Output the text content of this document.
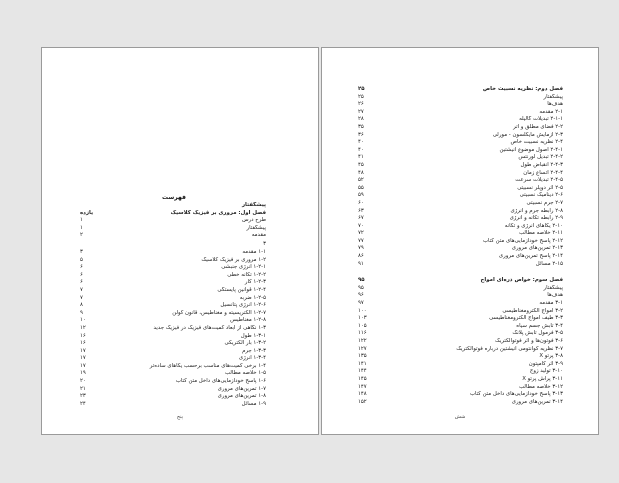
فهرست
پیشگفتار
فصل اول: مروری بر فیزیک کلاسیک
یازده
طرح درس
۱
پیشگفتار
۱
مقدمه
۲
۳
۱-۱ مقدمه
۳
۱-۲ مروری بر فیزیک کلاسیک
۵
۱-۲-۱ انرژی جنبشی
۶
۱-۲-۲ تکانه خطی
۶
۱-۲-۳ کار
۶
۱-۲-۴ قوانین پایستگی
۷
۱-۲-۵ ضربه
۷
۱-۲-۶ انرژی پتانسیل
۸
۱-۲-۷ الکتریسیته و مغناطیس، قانون کولن
۹
۱-۲-۸ مغناطیس
۱۰
۱-۳ نگاهی از ابعاد کمیت‌های فیزیک در فیزیک جدید
۱۲
۱-۳-۱ طول
۱۶
۱-۳-۲ بار الکتریکی
۱۶
۱-۳-۳ جرم
۱۷
۱-۳-۴ انرژی
۱۷
۱-۴ برخی کمیت‌های مناسب برحسب یکاهای ساده‌تر
۱۷
۱-۵ خلاصه مطالب
۱۹
۱-۶ پاسخ خودآزمایی‌های داخل متن کتاب
۲۰
۱-۷ تمرین‌های مروری
۲۱
۱-۸ تمرین‌های مروری
۲۳
۱-۹ مسائل
۲۴
پنج
فصل دوم: نظریه نسبیت خاص
۲۵
پیشگفتار
۲۵
هدف‌ها
۲۶
۲-۱ مقدمه
۲۷
۲-۱-۱ تبدیلات گالیله
۲۸
۲-۲ فضای مطلق و اتر
۳۵
۲-۳ آزمایش مایکلسون - مورلی
۳۶
۲-۴ نظریه نسبیت خاص
۴۰
۲-۴-۱ اصول موضوع انیشتین
۴۰
۲-۴-۲ تبدیل لورنتس
۴۱
۲-۴-۳ انقباض طول
۴۵
۲-۴-۴ اتساع زمان
۴۸
۲-۴-۵ تبدیلات سرعت
۵۲
۲-۵ اثر دوپلر نسبیتی
۵۵
۲-۶ دینامیک نسبیتی
۵۹
۲-۷ جرم نسبیتی
۶۰
۲-۸ رابطه جرم و انرژی
۶۳
۲-۹ رابطه تکانه و انرژی
۶۷
۲-۱۰ یکاهای انرژی و تکانه
۷۰
۲-۱۱ خلاصه مطالب
۷۲
۲-۱۲ پاسخ خودآزمایی‌های متن کتاب
۷۷
۲-۱۳ تمرین‌های مروری
۷۹
۲-۱۴ پاسخ تمرین‌های مروری
۸۶
۲-۱۵ مسائل
۹۱
فصل سوم: خواص ذره‌ای امواج
۹۵
پیشگفتار
۹۵
هدف‌ها
۹۶
۳-۱ مقدمه
۹۷
۳-۲ امواج الکترومغناطیسی
۱۰۰
۳-۳ طیف امواج الکترومغناطیسی
۱۰۳
۳-۴ تابش جسم سیاه
۱۰۵
۳-۵ فرمول تابش پلانک
۱۱۶
۳-۶ فوتون‌ها و اثر فوتوالکتریک
۱۲۲
۳-۷ نظریه کوانتومی انیشتین درباره فوتوالکتریک
۱۲۷
۳-۸ پرتو X
۱۳۵
۳-۹ اثر کامپتون
۱۴۱
۳-۱۰ تولید زوج
۱۴۴
۳-۱۱ پراش پرتو X
۱۴۵
۳-۱۲ خلاصه مطالب
۱۴۷
۳-۱۳ پاسخ خودآزمایی‌های داخل متن کتاب
۱۴۸
۳-۱۴ تمرین‌های مروری
۱۵۲
شش
